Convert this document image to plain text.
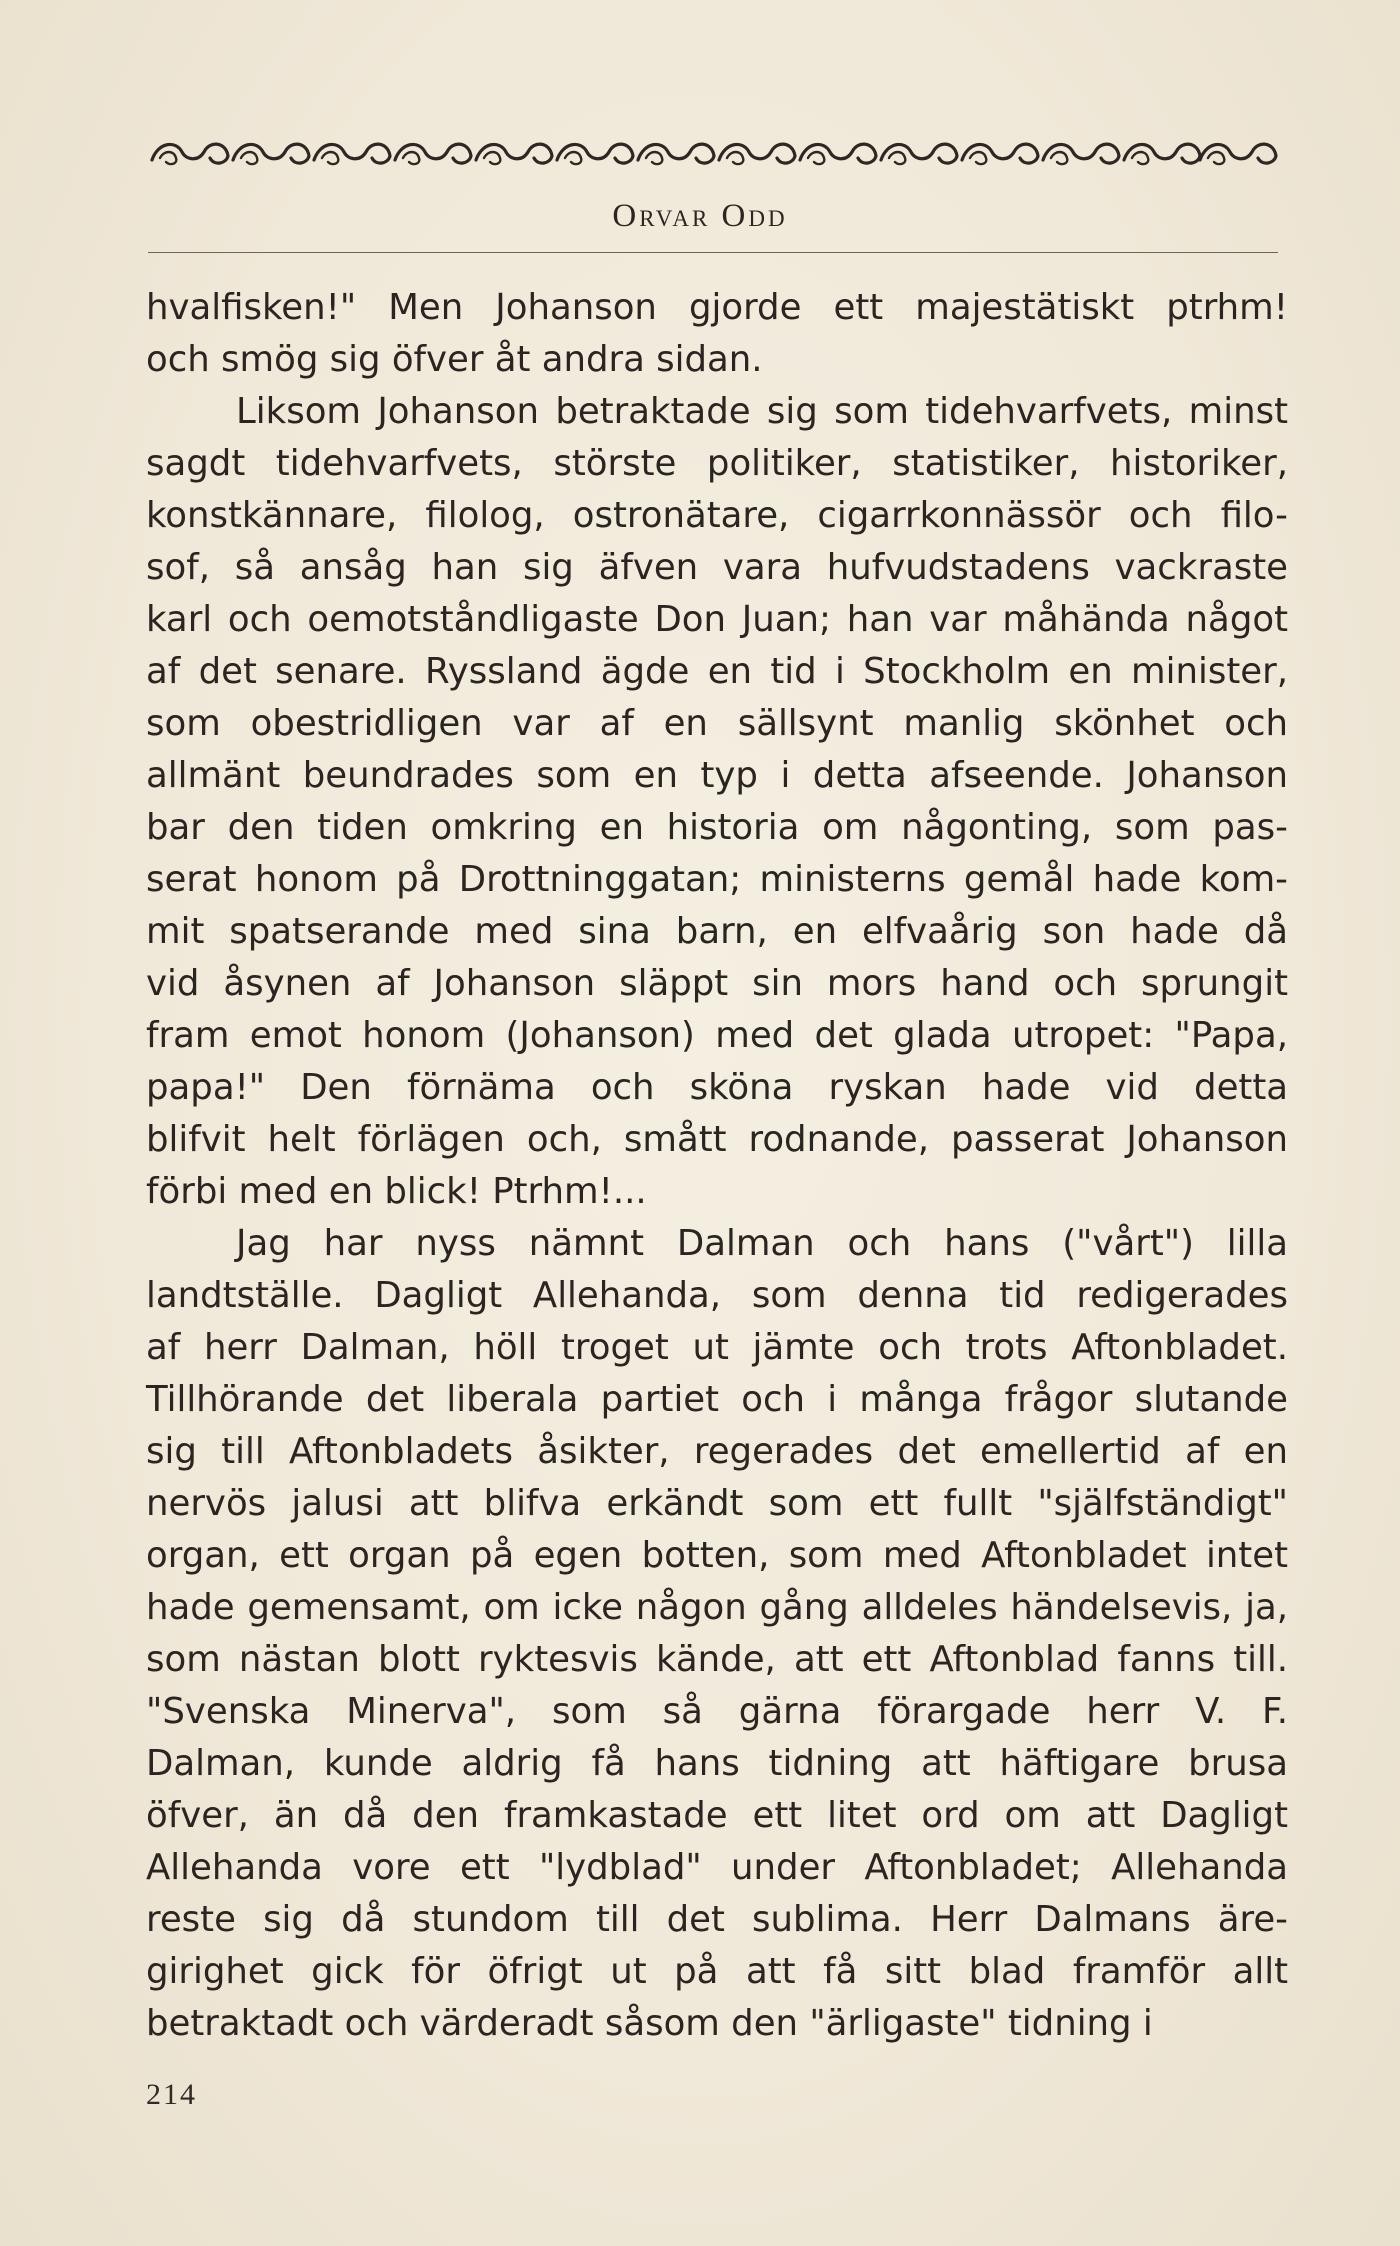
Orvar Odd
hvalfisken!" Men Johanson gjorde ett majestätiskt ptrhm!
och smög sig öfver åt andra sidan.
Liksom Johanson betraktade sig som tidehvarfvets, minst
sagdt tidehvarfvets, störste politiker, statistiker, historiker,
konstkännare, filolog, ostronätare, cigarrkonnässör och filo-
sof, så ansåg han sig äfven vara hufvudstadens vackraste
karl och oemotståndligaste Don Juan; han var måhända något
af det senare. Ryssland ägde en tid i Stockholm en minister,
som obestridligen var af en sällsynt manlig skönhet och
allmänt beundrades som en typ i detta afseende. Johanson
bar den tiden omkring en historia om någonting, som pas-
serat honom på Drottninggatan; ministerns gemål hade kom-
mit spatserande med sina barn, en elfvaårig son hade då
vid åsynen af Johanson släppt sin mors hand och sprungit
fram emot honom (Johanson) med det glada utropet: "Papa,
papa!" Den förnäma och sköna ryskan hade vid detta
blifvit helt förlägen och, smått rodnande, passerat Johanson
förbi med en blick! Ptrhm!...
Jag har nyss nämnt Dalman och hans ("vårt") lilla
landtställe. Dagligt Allehanda, som denna tid redigerades
af herr Dalman, höll troget ut jämte och trots Aftonbladet.
Tillhörande det liberala partiet och i många frågor slutande
sig till Aftonbladets åsikter, regerades det emellertid af en
nervös jalusi att blifva erkändt som ett fullt "själfständigt"
organ, ett organ på egen botten, som med Aftonbladet intet
hade gemensamt, om icke någon gång alldeles händelsevis, ja,
som nästan blott ryktesvis kände, att ett Aftonblad fanns till.
"Svenska Minerva", som så gärna förargade herr V. F.
Dalman, kunde aldrig få hans tidning att häftigare brusa
öfver, än då den framkastade ett litet ord om att Dagligt
Allehanda vore ett "lydblad" under Aftonbladet; Allehanda
reste sig då stundom till det sublima. Herr Dalmans äre-
girighet gick för öfrigt ut på att få sitt blad framför allt
betraktadt och värderadt såsom den "ärligaste" tidning i
214
